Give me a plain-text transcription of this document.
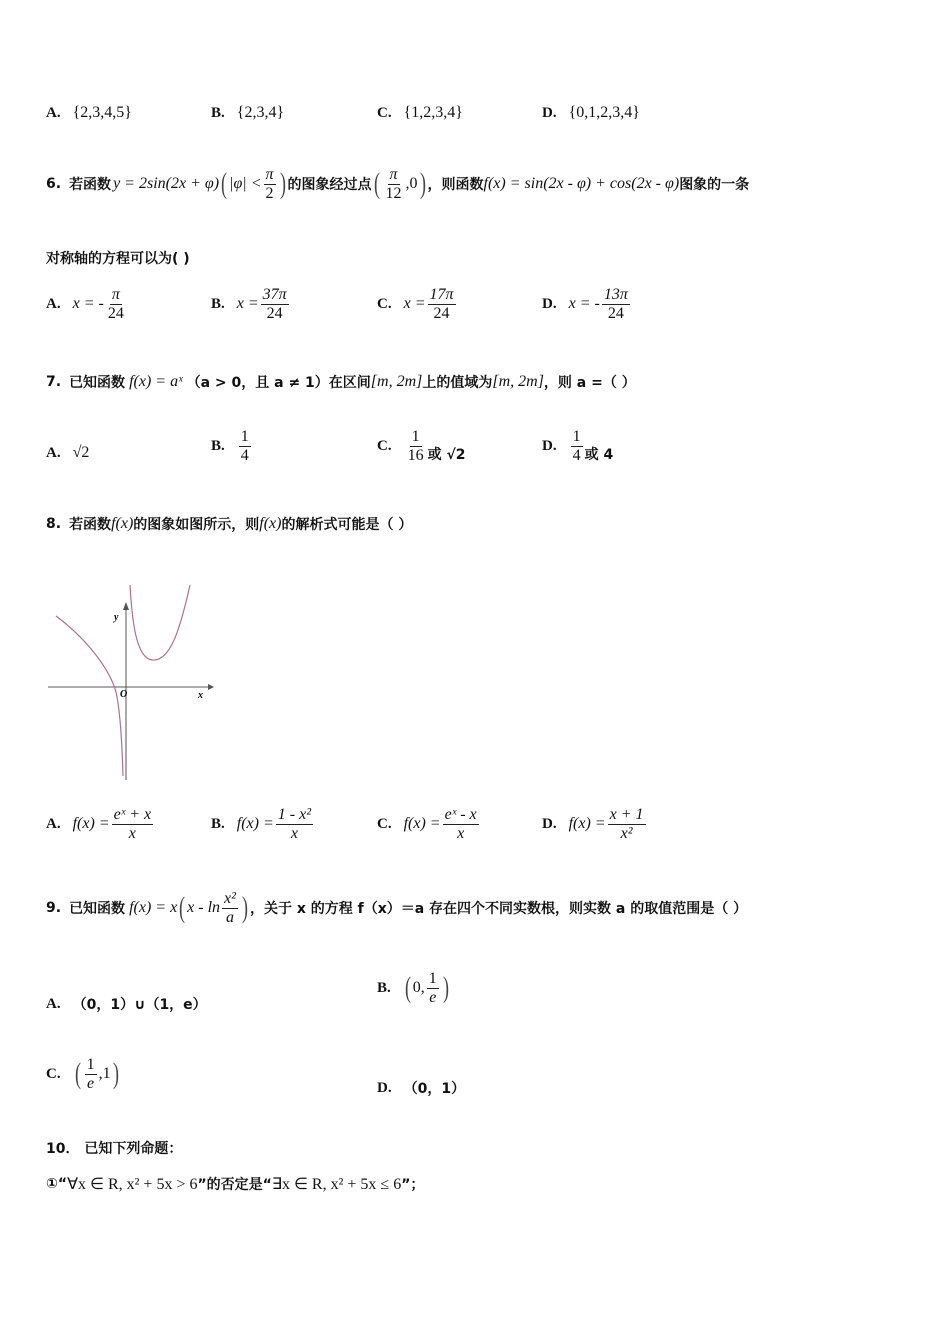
A. {2,3,4,5}	B. {2,3,4}	C. {1,2,3,4}	D. {0,1,2,3,4}
6. 若函数 y = 2sin(2x + φ) ( $|\varphi| < \frac{\pi}{2}$ ) 的图象经过点 ( $\frac{\pi}{12} ,0$ ) ，则函数 f(x) = sin(2x - φ) + cos(2x - φ) 图象的一条
对称轴的方程可以为( )
A. x = - $\frac{\pi}{24}$	B. $x = \frac{37\pi}{24}$	C. $x = \frac{17\pi}{24}$	D. x = - $\frac{13\pi}{24}$
7. 已知函数 f(x) = aˣ （a > 0，且 a ≠ 1） 在区间 [m, 2m] 上的值域为 [m, 2m] ，则 a =（ ）
A. √2	B. $\frac{1}{4}$	C. $\frac{1}{16}$ 或 √2
D. $\frac{1}{4}$ 或 4
8. 若函数 f(x) 的图象如图所示，则 f(x) 的解析式可能是（ ）
y
x
O
A. $f(x) = \frac{\text{eˣ + x}}{x}$	B. $f(x) = \frac{\text{1 - x²}}{x}$	C. $f(x) = \frac{\text{eˣ - x}}{x}$	D. $f(x) = \frac{x + 1}{\text{x²}}$
9. 已知函数 f(x) = x ( x - $\ln \frac{\text{x²}}{a}$ ) ，关于 x 的方程 f（x）＝a 存在四个不同实数根，则实数 a 的取值范围是（ ）
A. （0，1）∪（1，e）
B. ( 0, $\frac{1}{e}$ )
C. ( $\frac{1}{e} ,1$ )	D. （0，1）
10． 已知下列命题：
①“ ∀x ∈ R, x² + 5x > 6 ”的否定是“ ∃x ∈ R, x² + 5x ≤ 6 ”；
